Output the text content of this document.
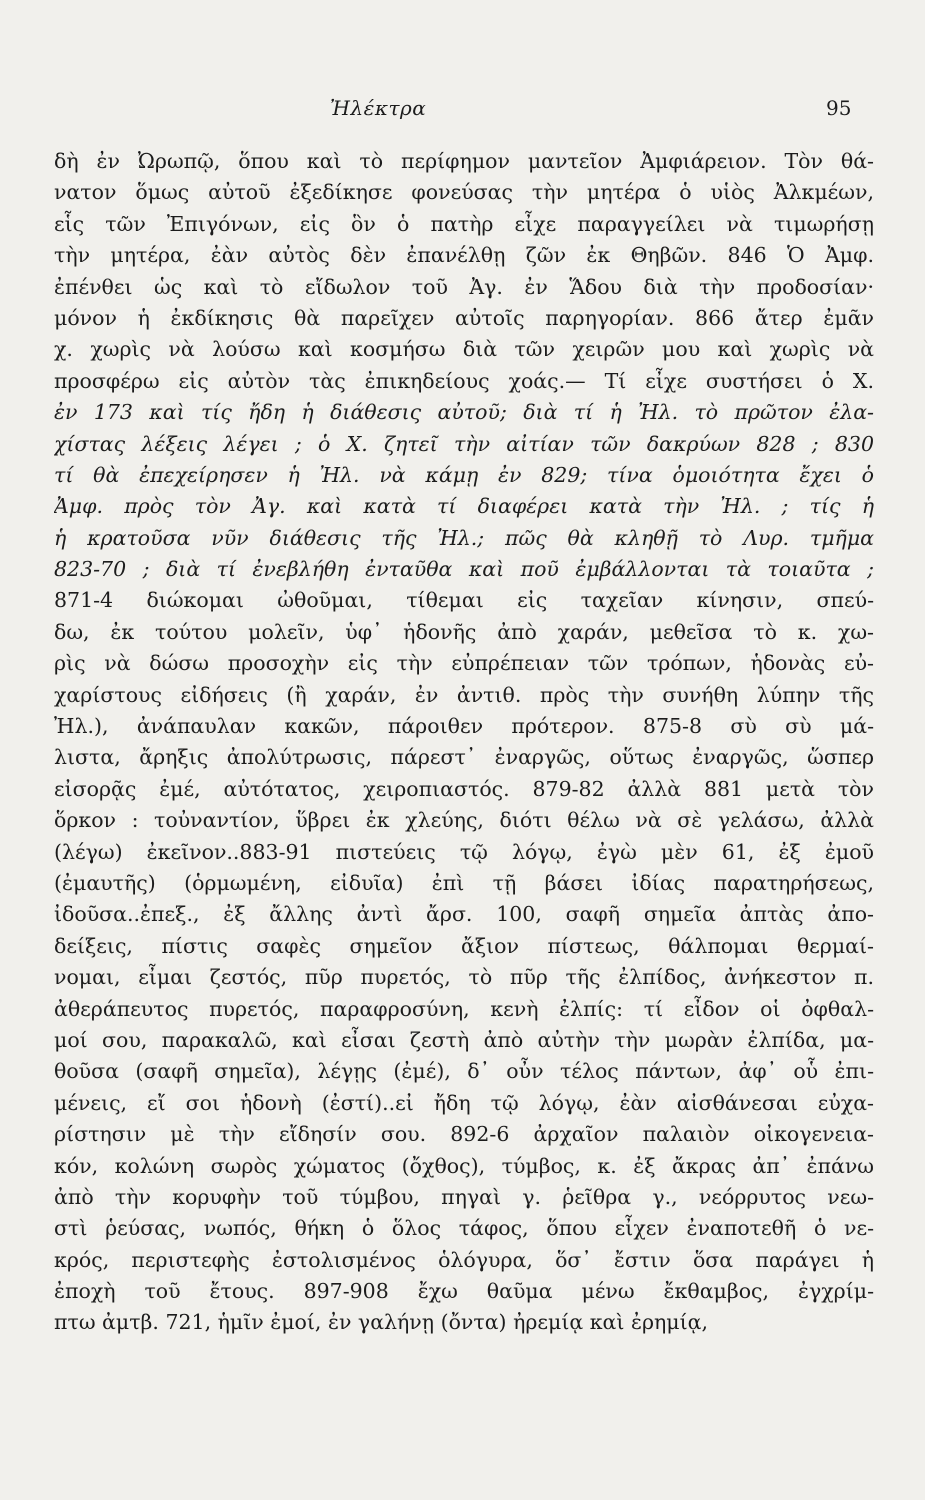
Ἠλέκτρα	95
δὴ ἐν Ὠρωπῷ, ὅπου καὶ τὸ περίφημον μαντεῖον Ἀμφιάρειον. Τὸν θά-
νατον ὅμως αὐτοῦ ἐξεδίκησε φονεύσας τὴν μητέρα ὁ υἱὸς Ἀλκμέων,
εἷς τῶν Ἐπιγόνων, εἰς ὃν ὁ πατὴρ εἶχε παραγγείλει νὰ τιμωρήσῃ
τὴν μητέρα, ἐὰν αὐτὸς δὲν ἐπανέλθῃ ζῶν ἐκ Θηβῶν. 846 Ὁ Ἀμφ.
ἐπένθει ὡς καὶ τὸ εἴδωλον τοῦ Ἀγ. ἐν Ἅδου διὰ τὴν προδοσίαν·
μόνον ἡ ἐκδίκησις θὰ παρεῖχεν αὐτοῖς παρηγορίαν. 866 ἄτερ ἐμᾶν
χ. χωρὶς νὰ λούσω καὶ κοσμήσω διὰ τῶν χειρῶν μου καὶ χωρὶς νὰ
προσφέρω εἰς αὐτὸν τὰς ἐπικηδείους χοάς.— Τί εἶχε συστήσει ὁ Χ.
ἐν 173 καὶ τίς ἤδη ἡ διάθεσις αὐτοῦ; διὰ τί ἡ Ἠλ. τὸ πρῶτον ἐλα-
χίστας λέξεις λέγει ; ὁ Χ. ζητεῖ τὴν αἰτίαν τῶν δακρύων 828 ; 830
τί θὰ ἐπεχείρησεν ἡ Ἠλ. νὰ κάμῃ ἐν 829; τίνα ὁμοιότητα ἔχει ὁ
Ἀμφ. πρὸς τὸν Ἀγ. καὶ κατὰ τί διαφέρει κατὰ τὴν Ἠλ. ; τίς ἡ
ἡ κρατοῦσα νῦν διάθεσις τῆς Ἠλ.; πῶς θὰ κληθῇ τὸ Λυρ. τμῆμα
823-70 ; διὰ τί ἐνεβλήθη ἐνταῦθα καὶ ποῦ ἐμβάλλονται τὰ τοιαῦτα ;
871-4 διώκομαι ὠθοῦμαι, τίθεμαι εἰς ταχεῖαν κίνησιν, σπεύ-
δω, ἐκ τούτου μολεῖν, ὑφ᾽ ἡδονῆς ἀπὸ χαράν, μεθεῖσα τὸ κ. χω-
ρὶς νὰ δώσω προσοχὴν εἰς τὴν εὐπρέπειαν τῶν τρόπων, ἡδονὰς εὐ-
χαρίστους εἰδήσεις (ἢ χαράν, ἐν ἀντιθ. πρὸς τὴν συνήθη λύπην τῆς
Ἠλ.), ἀνάπαυλαν κακῶν, πάροιθεν πρότερον. 875-8 σὺ σὺ μά-
λιστα, ἄρηξις ἀπολύτρωσις, πάρεστ᾽ ἐναργῶς, οὕτως ἐναργῶς, ὥσπερ
εἰσορᾷς ἐμέ, αὐτότατος, χειροπιαστός. 879-82 ἀλλὰ 881 μετὰ τὸν
ὅρκον : τοὐναντίον, ὕβρει ἐκ χλεύης, διότι θέλω νὰ σὲ γελάσω, ἀλλὰ
(λέγω) ἐκεῖνον..883-91 πιστεύεις τῷ λόγῳ, ἐγὼ μὲν 61, ἐξ ἐμοῦ
(ἐμαυτῆς) (ὁρμωμένη, εἰδυῖα) ἐπὶ τῇ βάσει ἰδίας παρατηρήσεως,
ἰδοῦσα..ἐπεξ., ἐξ ἄλλης ἀντὶ ἄρσ. 100, σαφῆ σημεῖα ἀπτὰς ἀπο-
δείξεις, πίστις σαφὲς σημεῖον ἄξιον πίστεως, θάλπομαι θερμαί-
νομαι, εἶμαι ζεστός, πῦρ πυρετός, τὸ πῦρ τῆς ἐλπίδος, ἀνήκεστον π.
ἀθεράπευτος πυρετός, παραφροσύνη, κενὴ ἐλπίς: τί εἶδον οἱ ὀφθαλ-
μοί σου, παρακαλῶ, καὶ εἶσαι ζεστὴ ἀπὸ αὐτὴν τὴν μωρὰν ἐλπίδα, μα-
θοῦσα (σαφῆ σημεῖα), λέγῃς (ἐμέ), δ᾽ οὖν τέλος πάντων, ἀφ᾽ οὗ ἐπι-
μένεις, εἴ σοι ἡδονὴ (ἐστί)..εἰ ἤδη τῷ λόγῳ, ἐὰν αἰσθάνεσαι εὐχα-
ρίστησιν μὲ τὴν εἴδησίν σου. 892-6 ἀρχαῖον παλαιὸν οἰκογενεια-
κόν, κολώνη σωρὸς χώματος (ὄχθος), τύμβος, κ. ἐξ ἄκρας ἀπ᾽ ἐπάνω
ἀπὸ τὴν κορυφὴν τοῦ τύμβου, πηγαὶ γ. ῥεῖθρα γ., νεόρρυτος νεω-
στὶ ῥεύσας, νωπός, θήκη ὁ ὅλος τάφος, ὅπου εἶχεν ἐναποτεθῆ ὁ νε-
κρός, περιστεφὴς ἐστολισμένος ὁλόγυρα, ὅσ᾽ ἔστιν ὅσα παράγει ἡ
ἐποχὴ τοῦ ἔτους. 897-908 ἔχω θαῦμα μένω ἔκθαμβος, ἐγχρίμ-
πτω ἀμτβ. 721, ἡμῖν ἐμοί, ἐν γαλήνῃ (ὄντα) ἠρεμίᾳ καὶ ἐρημίᾳ,
